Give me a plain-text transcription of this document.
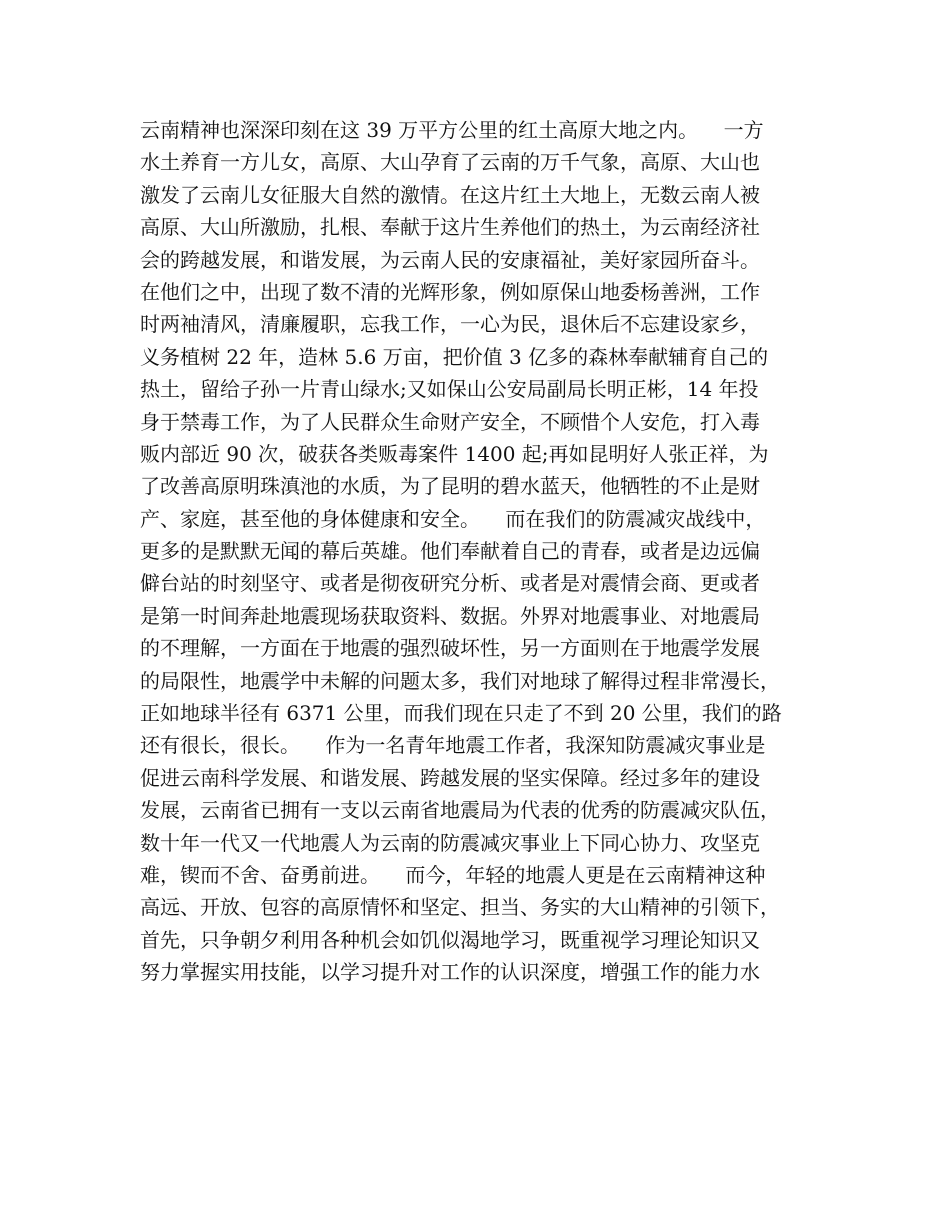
云南精神也深深印刻在这 39 万平方公里的红土高原大地之内。    一方
水土养育一方儿女，高原、大山孕育了云南的万千气象，高原、大山也
激发了云南儿女征服大自然的激情。在这片红土大地上，无数云南人被
高原、大山所激励，扎根、奉献于这片生养他们的热土，为云南经济社
会的跨越发展，和谐发展，为云南人民的安康福祉，美好家园所奋斗。
在他们之中，出现了数不清的光辉形象，例如原保山地委杨善洲，工作
时两袖清风，清廉履职，忘我工作，一心为民，退休后不忘建设家乡，
义务植树 22 年，造林 5.6 万亩，把价值 3 亿多的森林奉献辅育自己的
热土，留给子孙一片青山绿水;又如保山公安局副局长明正彬，14 年投
身于禁毒工作，为了人民群众生命财产安全，不顾惜个人安危，打入毒
贩内部近 90 次，破获各类贩毒案件 1400 起;再如昆明好人张正祥，为
了改善高原明珠滇池的水质，为了昆明的碧水蓝天，他牺牲的不止是财
产、家庭，甚至他的身体健康和安全。    而在我们的防震减灾战线中，
更多的是默默无闻的幕后英雄。他们奉献着自己的青春，或者是边远偏
僻台站的时刻坚守、或者是彻夜研究分析、或者是对震情会商、更或者
是第一时间奔赴地震现场获取资料、数据。外界对地震事业、对地震局
的不理解，一方面在于地震的强烈破坏性，另一方面则在于地震学发展
的局限性，地震学中未解的问题太多，我们对地球了解得过程非常漫长，
正如地球半径有 6371 公里，而我们现在只走了不到 20 公里，我们的路
还有很长，很长。    作为一名青年地震工作者，我深知防震减灾事业是
促进云南科学发展、和谐发展、跨越发展的坚实保障。经过多年的建设
发展，云南省已拥有一支以云南省地震局为代表的优秀的防震减灾队伍，
数十年一代又一代地震人为云南的防震减灾事业上下同心协力、攻坚克
难，锲而不舍、奋勇前进。    而今，年轻的地震人更是在云南精神这种
高远、开放、包容的高原情怀和坚定、担当、务实的大山精神的引领下，
首先，只争朝夕利用各种机会如饥似渴地学习，既重视学习理论知识又
努力掌握实用技能，以学习提升对工作的认识深度，增强工作的能力水
